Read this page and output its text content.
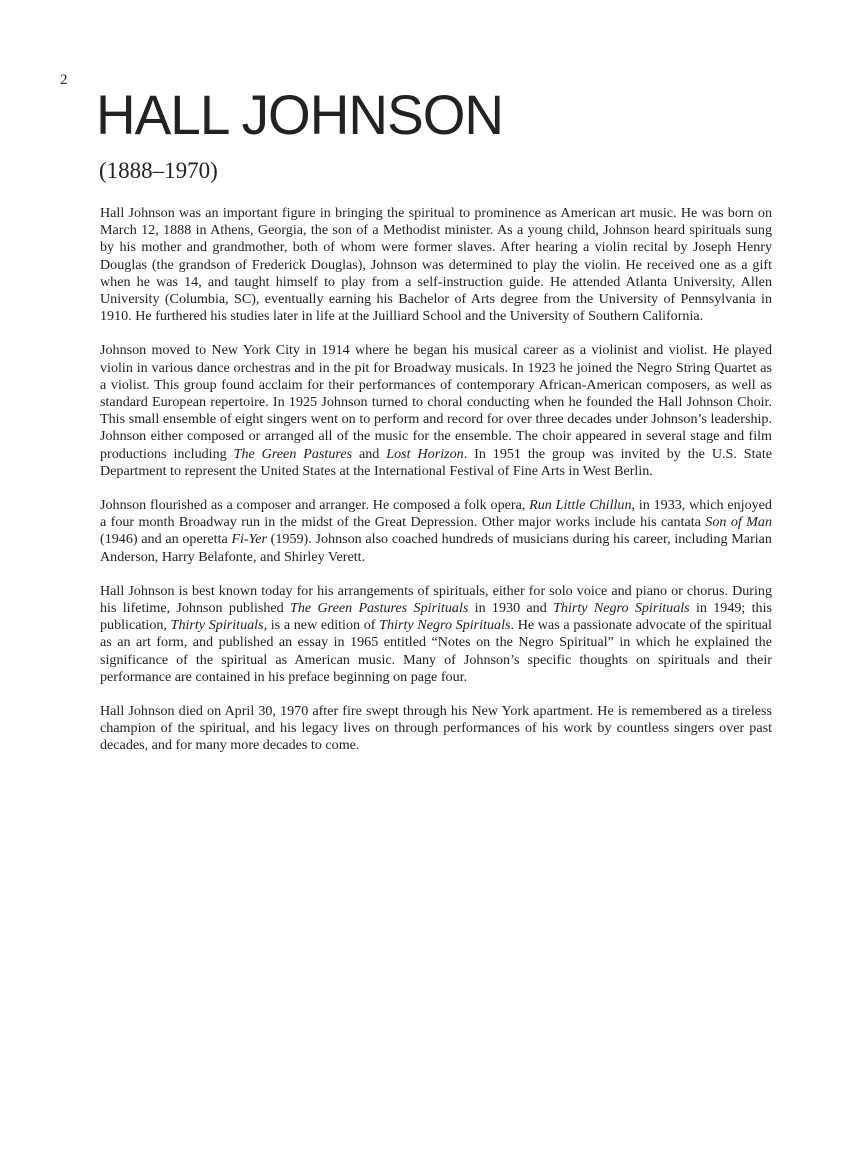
2
HALL JOHNSON
(1888–1970)

Hall Johnson was an important figure in bringing the spiritual to prominence as American art music. He was born on March 12, 1888 in Athens, Georgia, the son of a Methodist minister. As a young child, Johnson heard spirituals sung by his mother and grandmother, both of whom were former slaves. After hearing a violin recital by Joseph Henry Douglas (the grandson of Frederick Douglas), Johnson was determined to play the violin. He received one as a gift when he was 14, and taught himself to play from a self-instruction guide. He attended Atlanta University, Allen University (Columbia, SC), eventually earning his Bachelor of Arts degree from the University of Pennsylvania in 1910. He furthered his studies later in life at the Juilliard School and the University of Southern California.

Johnson moved to New York City in 1914 where he began his musical career as a violinist and violist. He played violin in various dance orchestras and in the pit for Broadway musicals. In 1923 he joined the Negro String Quartet as a violist. This group found acclaim for their performances of contemporary African-American composers, as well as standard European repertoire. In 1925 Johnson turned to choral conducting when he founded the Hall Johnson Choir. This small ensemble of eight singers went on to perform and record for over three decades under Johnson’s leadership. Johnson either composed or arranged all of the music for the ensemble. The choir appeared in several stage and film productions including The Green Pastures and Lost Horizon. In 1951 the group was invited by the U.S. State Department to represent the United States at the International Festival of Fine Arts in West Berlin.

Johnson flourished as a composer and arranger. He composed a folk opera, Run Little Chillun, in 1933, which enjoyed a four month Broadway run in the midst of the Great Depression. Other major works include his cantata Son of Man (1946) and an operetta Fi-Yer (1959). Johnson also coached hundreds of musicians during his career, including Marian Anderson, Harry Belafonte, and Shirley Verett.

Hall Johnson is best known today for his arrangements of spirituals, either for solo voice and piano or chorus. During his lifetime, Johnson published The Green Pastures Spirituals in 1930 and Thirty Negro Spirituals in 1949; this publication, Thirty Spirituals, is a new edition of Thirty Negro Spirituals. He was a passionate advocate of the spiritual as an art form, and published an essay in 1965 entitled “Notes on the Negro Spiritual” in which he explained the significance of the spiritual as American music. Many of Johnson’s specific thoughts on spirituals and their performance are contained in his preface beginning on page four.

Hall Johnson died on April 30, 1970 after fire swept through his New York apartment. He is remembered as a tireless champion of the spiritual, and his legacy lives on through performances of his work by countless singers over past decades, and for many more decades to come.
